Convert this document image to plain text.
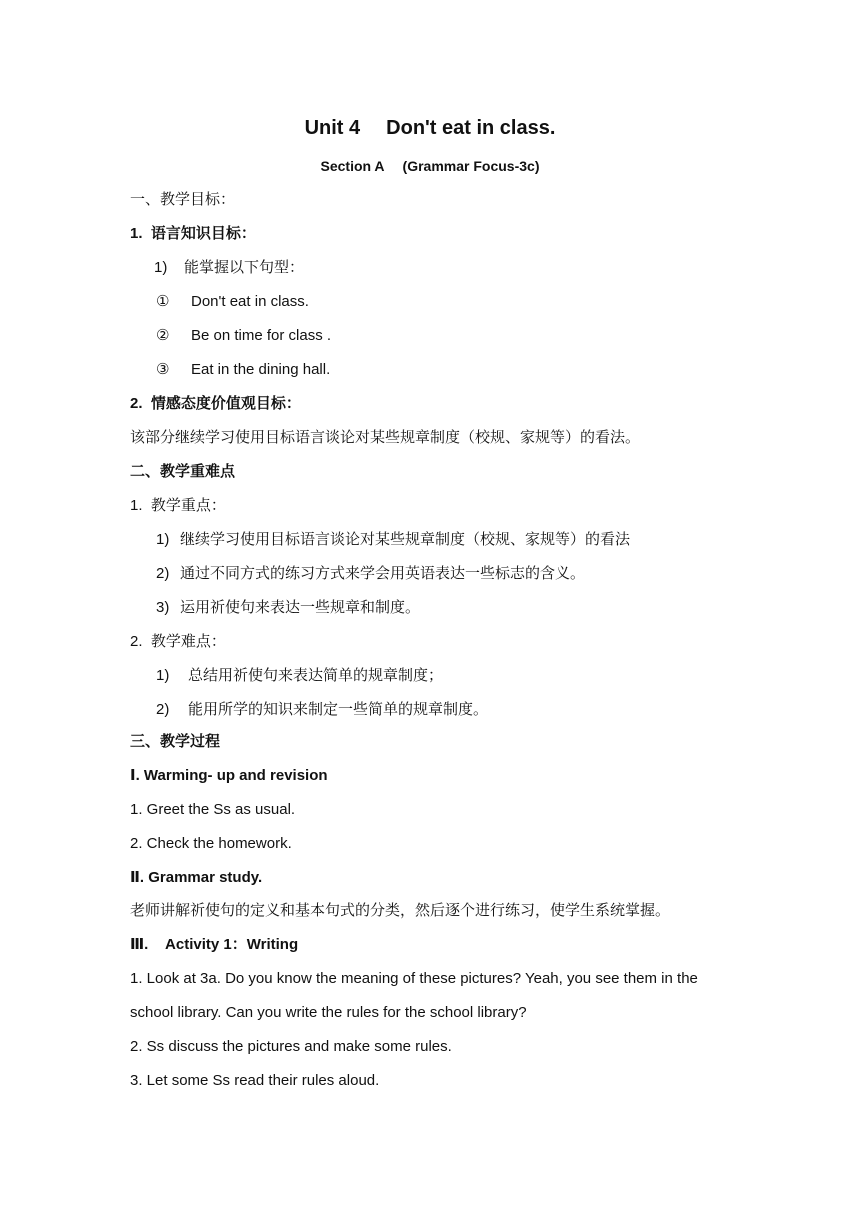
Unit 4 Don't eat in class.
Section A (Grammar Focus-3c)
一、教学目标：
1. 语言知识目标：
1) 能掌握以下句型：
① Don't eat in class.
② Be on time for class .
③ Eat in the dining hall.
2. 情感态度价值观目标：
该部分继续学习使用目标语言谈论对某些规章制度（校规、家规等）的看法。
二、教学重难点
1. 教学重点：
1) 继续学习使用目标语言谈论对某些规章制度（校规、家规等）的看法
2) 通过不同方式的练习方式来学会用英语表达一些标志的含义。
3) 运用祈使句来表达一些规章和制度。
2. 教学难点：
1) 总结用祈使句来表达简单的规章制度；
2) 能用所学的知识来制定一些简单的规章制度。
三、教学过程
Ⅰ. Warming- up and revision
1. Greet the Ss as usual.
2. Check the homework.
Ⅱ. Grammar study.
老师讲解祈使句的定义和基本句式的分类，然后逐个进行练习，使学生系统掌握。
Ⅲ. Activity 1：Writing
1. Look at 3a. Do you know the meaning of these pictures? Yeah, you see them in the
school library. Can you write the rules for the school library?
2. Ss discuss the pictures and make some rules.
3. Let some Ss read their rules aloud.
